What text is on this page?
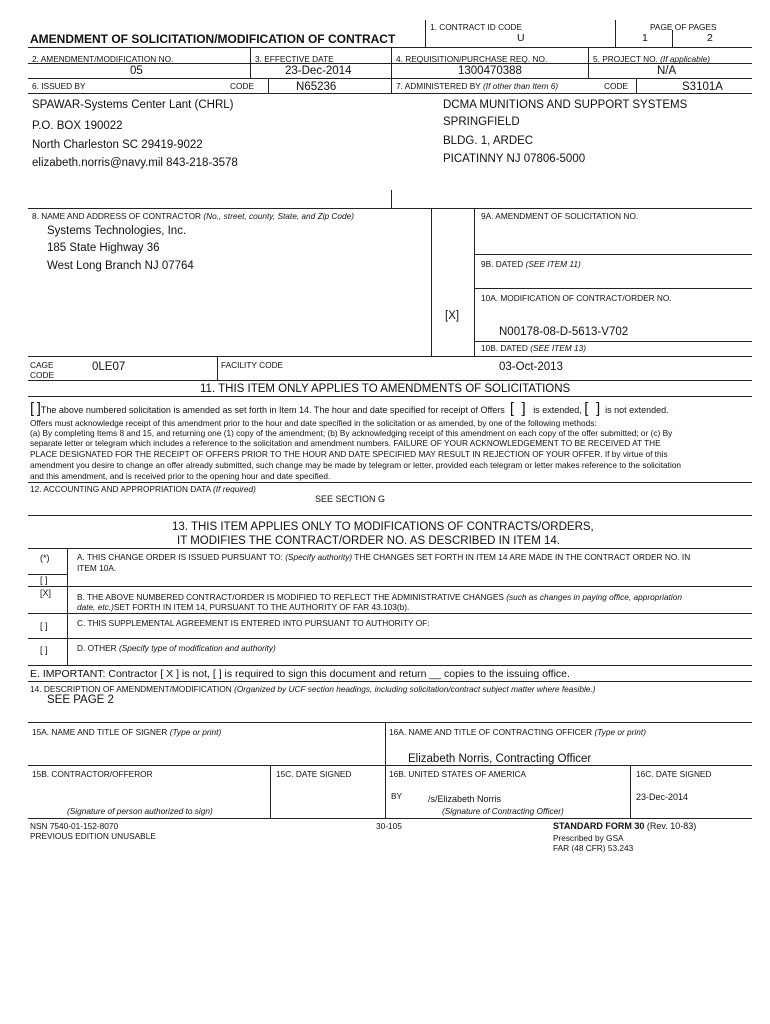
AMENDMENT OF SOLICITATION/MODIFICATION OF CONTRACT
1. CONTRACT ID CODE
U
PAGE OF PAGES
1	2
2. AMENDMENT/MODIFICATION NO.
05
3. EFFECTIVE DATE
23-Dec-2014
4. REQUISITION/PURCHASE REQ. NO.
1300470388
5. PROJECT NO. (If applicable)
N/A
6. ISSUED BY	CODE	N65236	7. ADMINISTERED BY (If other than Item 6)	CODE	S3101A
SPAWAR-Systems Center Lant (CHRL)
P.O. BOX 190022
North Charleston SC 29419-9022
elizabeth.norris@navy.mil 843-218-3578
DCMA MUNITIONS AND SUPPORT SYSTEMS
SPRINGFIELD
BLDG. 1, ARDEC
PICATINNY NJ 07806-5000
8. NAME AND ADDRESS OF CONTRACTOR (No., street, county, State, and Zip Code)
Systems Technologies, Inc.
185 State Highway 36
West Long Branch NJ 07764
9A. AMENDMENT OF SOLICITATION NO.
9B. DATED (SEE ITEM 11)
10A. MODIFICATION OF CONTRACT/ORDER NO.
[X]
N00178-08-D-5613-V702
10B. DATED (SEE ITEM 13)
CAGE
CODE
0LE07	FACILITY CODE	03-Oct-2013
11. THIS ITEM ONLY APPLIES TO AMENDMENTS OF SOLICITATIONS
[ ]The above numbered solicitation is amended as set forth in Item 14. The hour and date specified for receipt of Offers [ ] is extended, [ ] is not extended.
Offers must acknowledge receipt of this amendment prior to the hour and date specified in the solicitation or as amended, by one of the following methods:
(a) By completing Items 8 and 15, and returning one (1) copy of the amendment; (b) By acknowledging receipt of this amendment on each copy of the offer submitted; or (c) By
separate letter or telegram which includes a reference to the solicitation and amendment numbers. FAILURE OF YOUR ACKNOWLEDGEMENT TO BE RECEIVED AT THE
PLACE DESIGNATED FOR THE RECEIPT OF OFFERS PRIOR TO THE HOUR AND DATE SPECIFIED MAY RESULT IN REJECTION OF YOUR OFFER. If by virtue of this
amendment you desire to change an offer already submitted, such change may be made by telegram or letter, provided each telegram or letter makes reference to the solicitation
and this amendment, and is received prior to the opening hour and date specified.
12. ACCOUNTING AND APPROPRIATION DATA (If required)
SEE SECTION G
13. THIS ITEM APPLIES ONLY TO MODIFICATIONS OF CONTRACTS/ORDERS,
IT MODIFIES THE CONTRACT/ORDER NO. AS DESCRIBED IN ITEM 14.
(*)	A. THIS CHANGE ORDER IS ISSUED PURSUANT TO: (Specify authority) THE CHANGES SET FORTH IN ITEM 14 ARE MADE IN THE CONTRACT ORDER NO. IN
ITEM 10A.
[ ]
[X]	B. THE ABOVE NUMBERED CONTRACT/ORDER IS MODIFIED TO REFLECT THE ADMINISTRATIVE CHANGES (such as changes in paying office, appropriation
date, etc.)SET FORTH IN ITEM 14, PURSUANT TO THE AUTHORITY OF FAR 43.103(b).
[ ]	C. THIS SUPPLEMENTAL AGREEMENT IS ENTERED INTO PURSUANT TO AUTHORITY OF:
[ ]	D. OTHER (Specify type of modification and authority)
E. IMPORTANT: Contractor [ X ] is not, [ ] is required to sign this document and return __ copies to the issuing office.
14. DESCRIPTION OF AMENDMENT/MODIFICATION (Organized by UCF section headings, including solicitation/contract subject matter where feasible.)
SEE PAGE 2
15A. NAME AND TITLE OF SIGNER (Type or print)	16A. NAME AND TITLE OF CONTRACTING OFFICER (Type or print)
Elizabeth Norris, Contracting Officer
15B. CONTRACTOR/OFFEROR	15C. DATE SIGNED	16B. UNITED STATES OF AMERICA	16C. DATE SIGNED
BY	/s/Elizabeth Norris	23-Dec-2014
(Signature of person authorized to sign)	(Signature of Contracting Officer)
NSN 7540-01-152-8070
PREVIOUS EDITION UNUSABLE
30-105	STANDARD FORM 30 (Rev. 10-83)
Prescribed by GSA
FAR (48 CFR) 53.243
